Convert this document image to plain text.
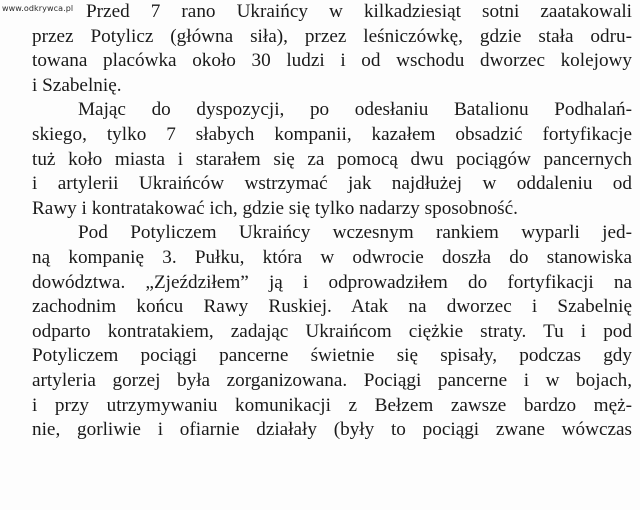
www.odkrywca.pl Przed 7 rano Ukraińcy w kilkadziesiąt sotni zaatakowali
przez Potylicz (główna siła), przez leśniczówkę, gdzie stała odru-
towana placówka około 30 ludzi i od wschodu dworzec kolejowy
i Szabelnię.
Mając do dyspozycji, po odesłaniu Batalionu Podhalań-
skiego, tylko 7 słabych kompanii, kazałem obsadzić fortyfikacje
tuż koło miasta i starałem się za pomocą dwu pociągów pancernych
i artylerii Ukraińców wstrzymać jak najdłużej w oddaleniu od
Rawy i kontratakować ich, gdzie się tylko nadarzy sposobność.
Pod Potyliczem Ukraińcy wczesnym rankiem wyparli jed-
ną kompanię 3. Pułku, która w odwrocie doszła do stanowiska
dowództwa. „Zjeździłem” ją i odprowadziłem do fortyfikacji na
zachodnim końcu Rawy Ruskiej. Atak na dworzec i Szabelnię
odparto kontratakiem, zadając Ukraińcom ciężkie straty. Tu i pod
Potyliczem pociągi pancerne świetnie się spisały, podczas gdy
artyleria gorzej była zorganizowana. Pociągi pancerne i w bojach,
i przy utrzymywaniu komunikacji z Bełzem zawsze bardzo męż-
nie, gorliwie i ofiarnie działały (były to pociągi zwane wówczas
